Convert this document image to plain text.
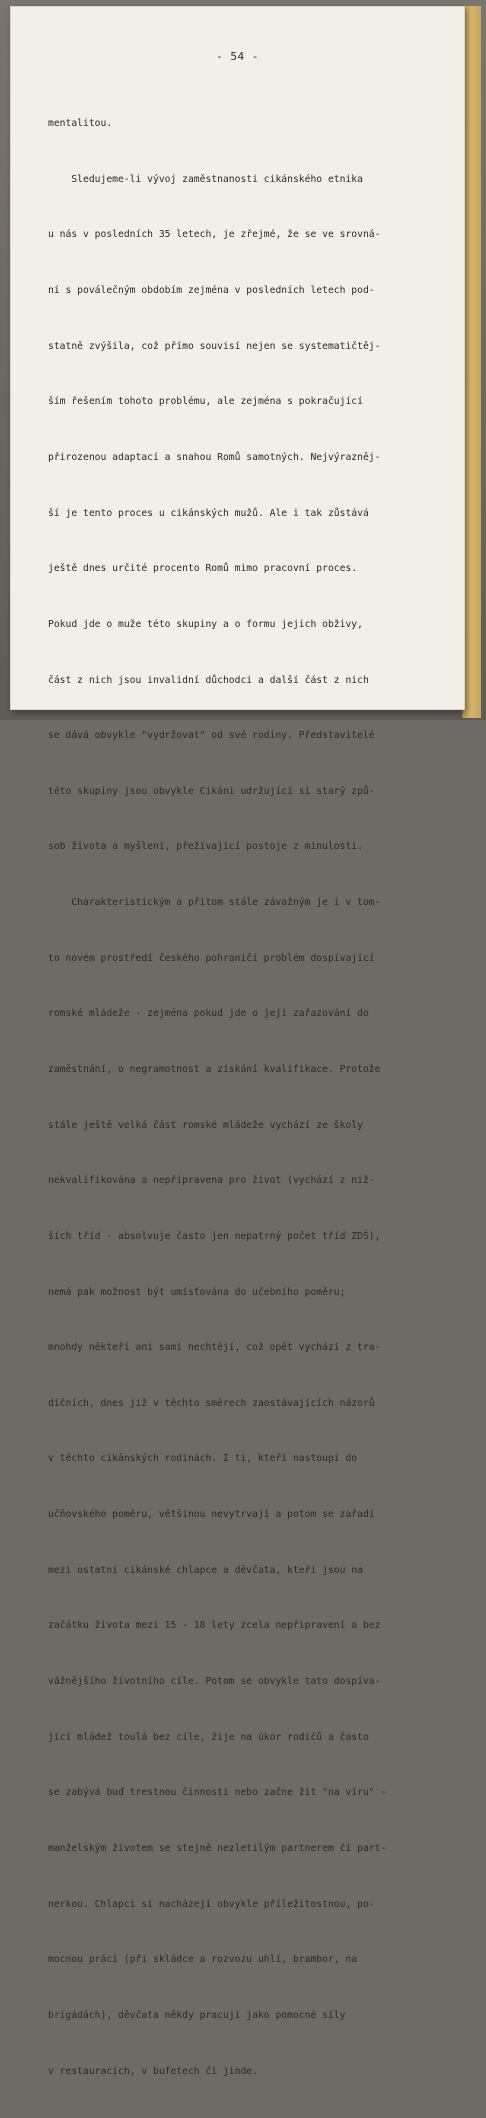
- 54 -

mentalitou.

Sledujeme-li vývoj zaměstnanosti cikánského etnika

u nás v posledních 35 letech, je zřejmé, že se ve srovná-

ní s poválečným obdobím zejména v posledních letech pod-

statně zvýšila, což přímo souvisí nejen se systematičtěj-

ším řešením tohoto problému, ale zejména s pokračující

přirozenou adaptací a snahou Romů samotných. Nejvýrazněj-

ší je tento proces u cikánských mužů. Ale i tak zůstává

ještě dnes určité procento Romů mimo pracovní proces.

Pokud jde o muže této skupiny a o formu jejich obživy,

část z nich jsou invalidní důchodci a další část z nich

se dává obvykle "vydržovat" od své rodiny. Představitelé

této skupiny jsou obvykle Cikáni udržující si starý způ-

sob života a myšlení, přežívající postoje z minulosti.

Charakteristickým a přitom stále závažným je i v tom-

to novém prostředí českého pohraničí problém dospívající

romské mládeže - zejména pokud jde o její zařazování do

zaměstnání, o negramotnost a získání kvalifikace. Protože

stále ještě velká část romské mládeže vychází ze školy

nekvalifikována a nepřipravena pro život (vychází z niž-

ších tříd - absolvuje často jen nepatrný počet tříd ZDŠ),

nemá pak možnost být umísťována do učebního poměru;

mnohdy někteří ani sami nechtějí, což opět vychází z tra-

dičních, dnes již v těchto směrech zaostávajících názorů

v těchto cikánských rodinách. I ti, kteří nastoupí do

učňovského poměru, většinou nevytrvají a potom se zařadí

mezi ostatní cikánské chlapce a děvčata, kteří jsou na

začátku života mezi 15 - 18 lety zcela nepřipravení a bez

vážnějšího životního cíle. Potom se obvykle tato dospíva-

jící mládež toulá bez cíle, žije na úkor rodičů a často

se zabývá buď trestnou činností nebo začne žít "na víru" -

manželským životem se stejně nezletilým partnerem či part-

nerkou. Chlapci si nacházejí obvykle příležitostnou, po-

mocnou práci (při skládce a rozvozu uhlí, brambor, na

brigádách), děvčata někdy pracují jako pomocné síly

v restauracích, v bufetech či jinde.
